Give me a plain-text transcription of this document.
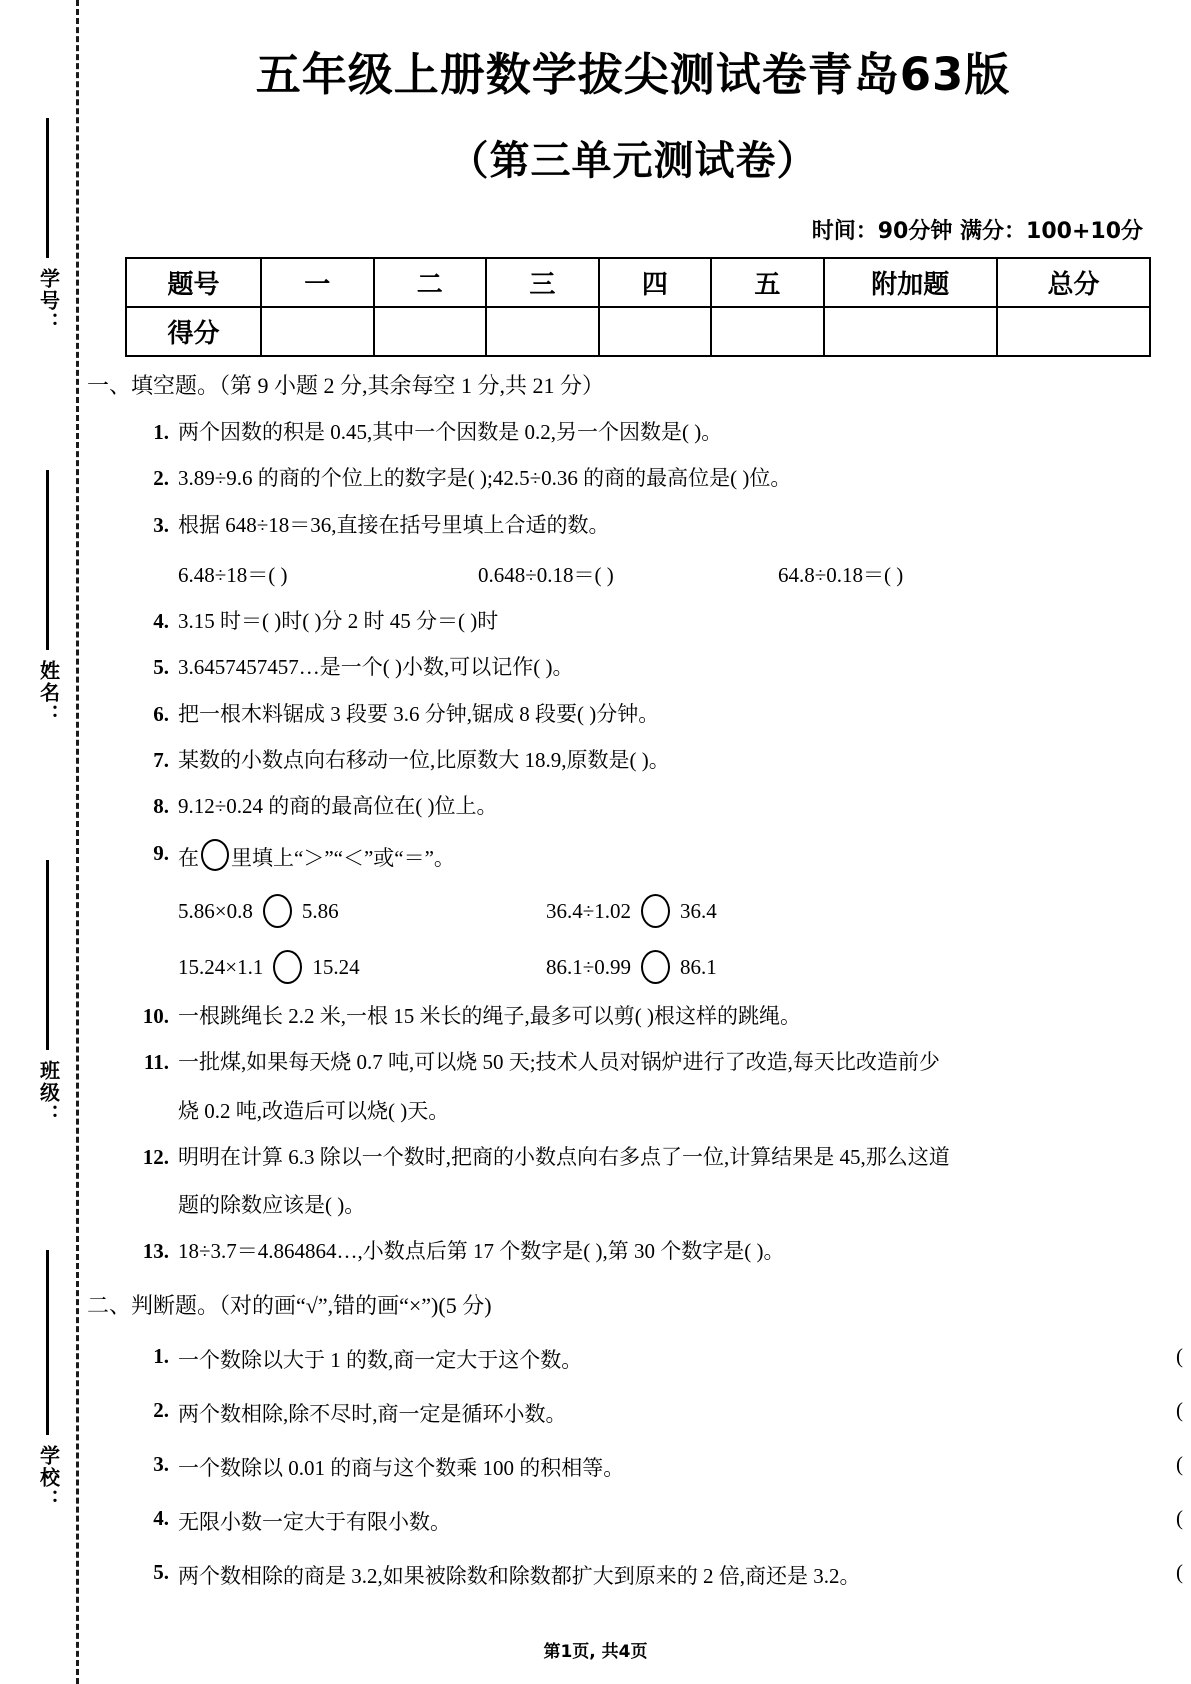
学号：
姓名：
班级：
学校：
五年级上册数学拔尖测试卷青岛63版
（第三单元测试卷）
时间：90分钟 满分：100+10分
题号	一	二	三	四	五	附加题	总分
得分							
一、填空题。（第 9 小题 2 分,其余每空 1 分,共 21 分）
1. 两个因数的积是 0.45,其中一个因数是 0.2,另一个因数是( )。
2. 3.89÷9.6 的商的个位上的数字是( );42.5÷0.36 的商的最高位是( )位。
3. 根据 648÷18＝36,直接在括号里填上合适的数。
6.48÷18＝( )	0.648÷0.18＝( )	64.8÷0.18＝( )
4. 3.15 时＝( )时( )分 2 时 45 分＝( )时
5. 3.6457457457…是一个( )小数,可以记作( )。
6. 把一根木料锯成 3 段要 3.6 分钟,锯成 8 段要( )分钟。
7. 某数的小数点向右移动一位,比原数大 18.9,原数是( )。
8. 9.12÷0.24 的商的最高位在( )位上。
9. 在 里填上“＞”“＜”或“＝”。
5.86×0.8 5.86	36.4÷1.02 36.4
15.24×1.1 15.24	86.1÷0.99 86.1
10. 一根跳绳长 2.2 米,一根 15 米长的绳子,最多可以剪( )根这样的跳绳。
11. 一批煤,如果每天烧 0.7 吨,可以烧 50 天;技术人员对锅炉进行了改造,每天比改造前少
烧 0.2 吨,改造后可以烧( )天。
12. 明明在计算 6.3 除以一个数时,把商的小数点向右多点了一位,计算结果是 45,那么这道
题的除数应该是( )。
13. 18÷3.7＝4.864864…,小数点后第 17 个数字是( ),第 30 个数字是( )。
二、判断题。（对的画“√”,错的画“×”)(5 分)
1. 一个数除以大于 1 的数,商一定大于这个数。	(
2. 两个数相除,除不尽时,商一定是循环小数。	(
3. 一个数除以 0.01 的商与这个数乘 100 的积相等。	(
4. 无限小数一定大于有限小数。	(
5. 两个数相除的商是 3.2,如果被除数和除数都扩大到原来的 2 倍,商还是 3.2。	(
第1页, 共4页
